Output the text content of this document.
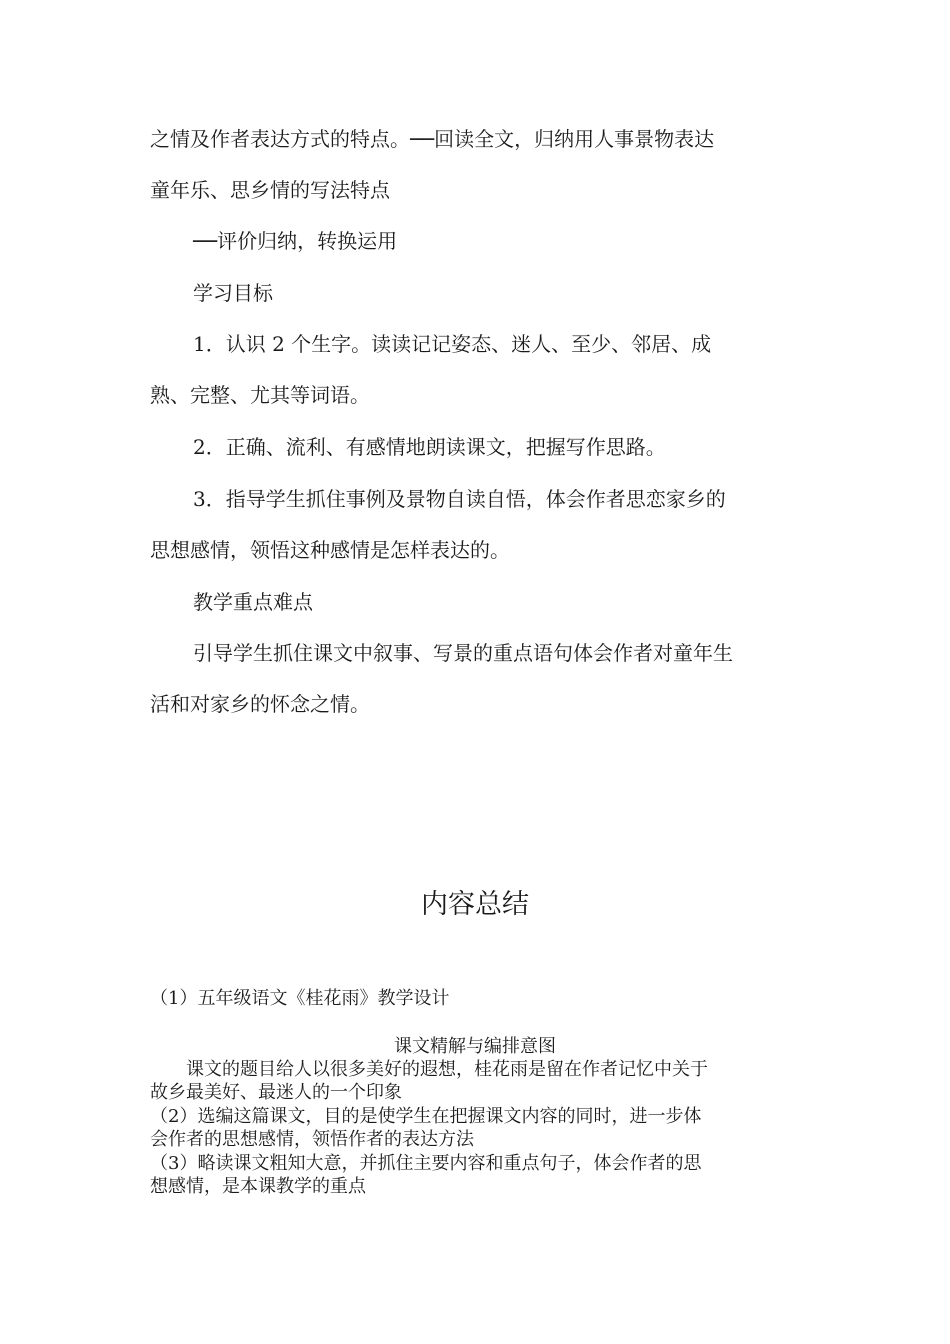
之情及作者表达方式的特点。──回读全文，归纳用人事景物表达
童年乐、思乡情的写法特点
──评价归纳，转换运用
学习目标
1．认识 2 个生字。读读记记姿态、迷人、至少、邻居、成
熟、完整、尤其等词语。
2．正确、流利、有感情地朗读课文，把握写作思路。
3．指导学生抓住事例及景物自读自悟，体会作者思恋家乡的
思想感情，领悟这种感情是怎样表达的。
教学重点难点
引导学生抓住课文中叙事、写景的重点语句体会作者对童年生
活和对家乡的怀念之情。
内容总结
（1）五年级语文《桂花雨》教学设计
课文精解与编排意图
课文的题目给人以很多美好的遐想，桂花雨是留在作者记忆中关于
故乡最美好、最迷人的一个印象
（2）选编这篇课文，目的是使学生在把握课文内容的同时，进一步体
会作者的思想感情，领悟作者的表达方法
（3）略读课文粗知大意，并抓住主要内容和重点句子，体会作者的思
想感情，是本课教学的重点
